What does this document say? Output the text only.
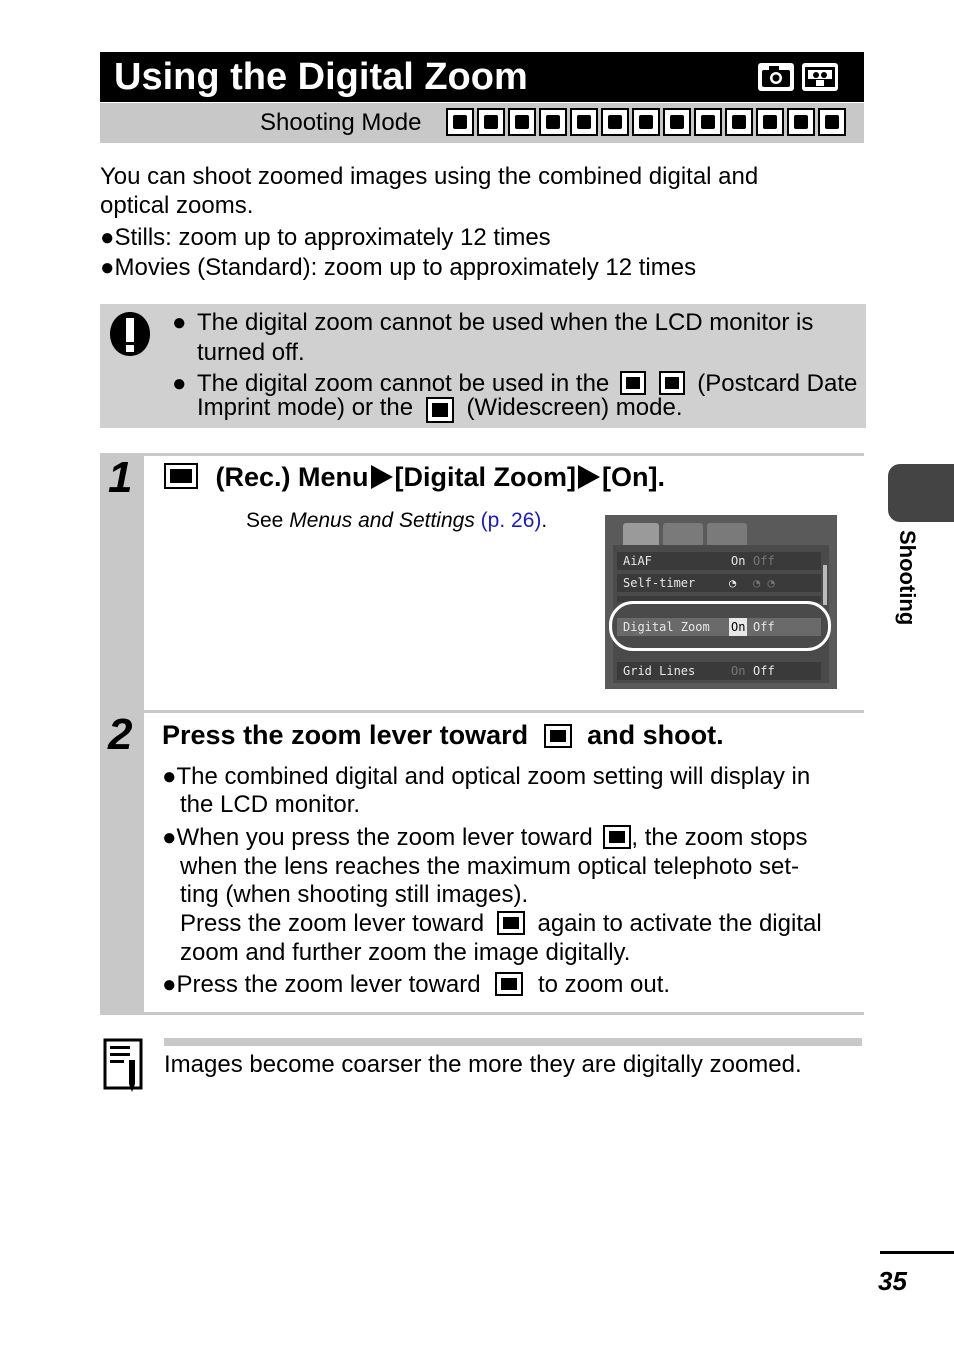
Using the Digital Zoom
Shooting Mode
You can shoot zoomed images using the combined digital and
optical zooms.
●Stills: zoom up to approximately 12 times
●Movies (Standard): zoom up to approximately 12 times
● The digital zoom cannot be used when the LCD monitor is
turned off.
● The digital zoom cannot be used in the	(Postcard Date
Imprint mode) or the (Widescreen) mode.
1	(Rec.) Menu [Digital Zoom] [On].
See Menus and Settings (p. 26).
AiAF	On Off
Self-timer	◔ ◔ ◔
Digital Zoom On Off
Grid Lines	On Off
Shooting
2 Press the zoom lever toward and shoot.
●The combined digital and optical zoom setting will display in
the LCD monitor.
●When you press the zoom lever toward , the zoom stops
when the lens reaches the maximum optical telephoto set-
ting (when shooting still images).
Press the zoom lever toward again to activate the digital
zoom and further zoom the image digitally.
●Press the zoom lever toward to zoom out.
Images become coarser the more they are digitally zoomed.
35
